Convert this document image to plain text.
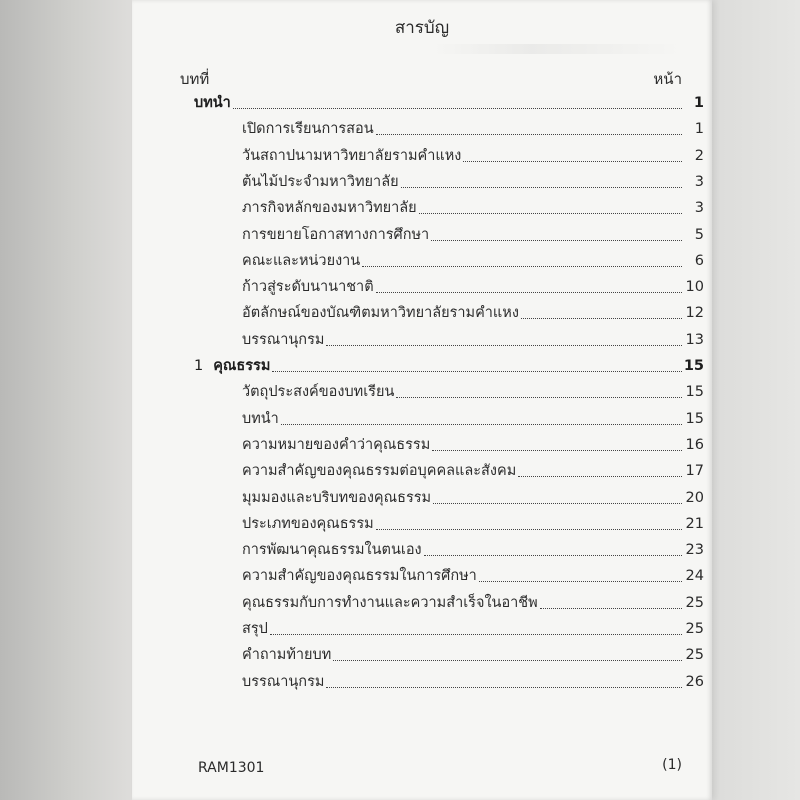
สารบัญ
บทที่	หน้า
บทนำ	1
เปิดการเรียนการสอน	1
วันสถาปนามหาวิทยาลัยรามคำแหง	2
ต้นไม้ประจำมหาวิทยาลัย	3
ภารกิจหลักของมหาวิทยาลัย	3
การขยายโอกาสทางการศึกษา	5
คณะและหน่วยงาน	6
ก้าวสู่ระดับนานาชาติ	10
อัตลักษณ์ของบัณฑิตมหาวิทยาลัยรามคำแหง	12
บรรณานุกรม	13
1 คุณธรรม	15
วัตถุประสงค์ของบทเรียน	15
บทนำ	15
ความหมายของคำว่าคุณธรรม	16
ความสำคัญของคุณธรรมต่อบุคคลและสังคม	17
มุมมองและบริบทของคุณธรรม	20
ประเภทของคุณธรรม	21
การพัฒนาคุณธรรมในตนเอง	23
ความสำคัญของคุณธรรมในการศึกษา	24
คุณธรรมกับการทำงานและความสำเร็จในอาชีพ	25
สรุป	25
คำถามท้ายบท	25
บรรณานุกรม	26
RAM1301	(1)
